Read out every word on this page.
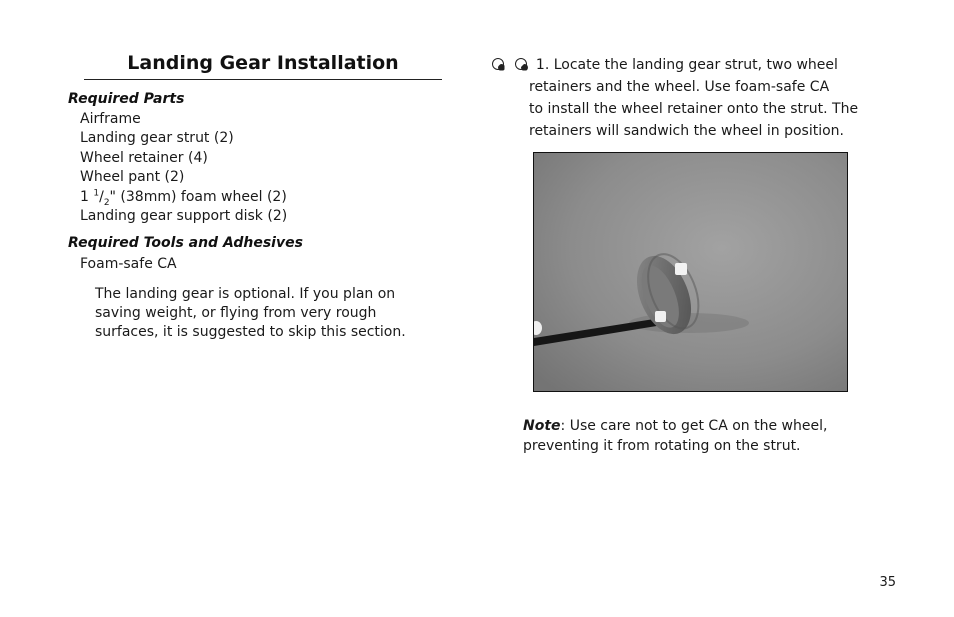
Landing Gear Installation
Required Parts
Airframe
Landing gear strut (2)
Wheel retainer (4)
Wheel pant (2)
1 $^1/_2$" (38mm) foam wheel (2)
Landing gear support disk (2)
Required Tools and Adhesives
Foam-safe CA
The landing gear is optional. If you plan on saving weight, or flying from very rough surfaces, it is suggested to skip this section.
1. Locate the landing gear strut, two wheel
retainers and the wheel. Use foam-safe CA
to install the wheel retainer onto the strut. The
retainers will sandwich the wheel in position.
Note: Use care not to get CA on the wheel, preventing it from rotating on the strut.
35
